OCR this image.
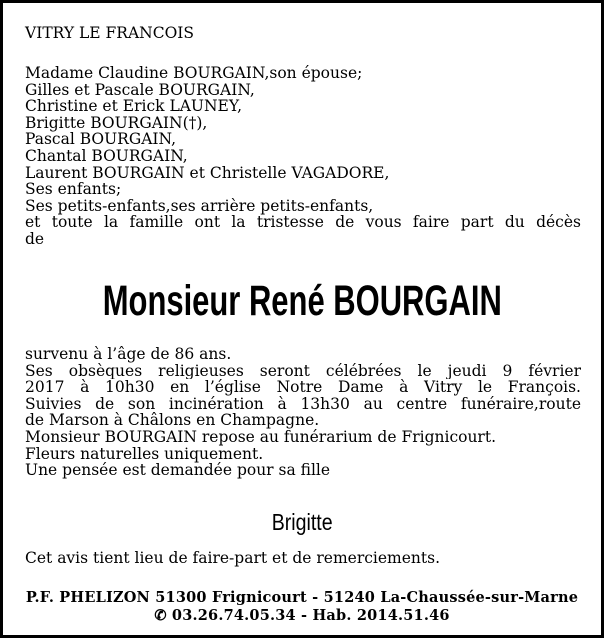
VITRY LE FRANCOIS
Madame Claudine BOURGAIN,son épouse;
Gilles et Pascale BOURGAIN,
Christine et Erick LAUNEY,
Brigitte BOURGAIN(†),
Pascal BOURGAIN,
Chantal BOURGAIN,
Laurent BOURGAIN et Christelle VAGADORE,
Ses enfants;
Ses petits-enfants,ses arrière petits-enfants,
et toute la famille ont la tristesse de vous faire part du décès
de
Monsieur René BOURGAIN
survenu à l’âge de 86 ans.
Ses obsèques religieuses seront célébrées le jeudi 9 février
2017 à 10h30 en l’église Notre Dame à Vitry le François.
Suivies de son incinération à 13h30 au centre funéraire,route
de Marson à Châlons en Champagne.
Monsieur BOURGAIN repose au funérarium de Frignicourt.
Fleurs naturelles uniquement.
Une pensée est demandée pour sa fille
Brigitte
Cet avis tient lieu de faire-part et de remerciements.
P.F. PHELIZON 51300 Frignicourt - 51240 La-Chaussée-sur-Marne
✆ 03.26.74.05.34 - Hab. 2014.51.46
